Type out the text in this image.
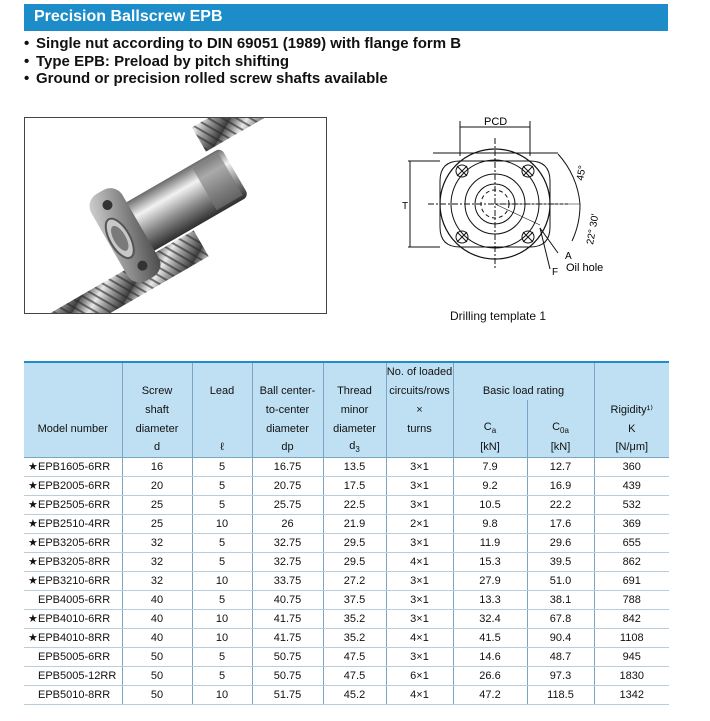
Precision Ballscrew EPB
• Single nut according to DIN 69051 (1989) with flange form B
• Type EPB: Preload by pitch shifting
• Ground or precision rolled screw shafts available
PCD
T
45°
22° 30'
A
F Oil hole
Drilling template 1
					No. of loaded			
	Screw	Lead	Ball center-	Thread	circuits/rows	Basic load rating		
	shaft		to-center	minor	×			Rigidity¹⁾
Model number	diameter		diameter	diameter	turns	$C_a$	$C_{0a}$	K
	d	ℓ	dp	$d_3$		[kN]	[kN]	[N/μm]
★EPB1605-6RR	16	5	16.75	13.5	3×1	7.9	12.7	360
★EPB2005-6RR	20	5	20.75	17.5	3×1	9.2	16.9	439
★EPB2505-6RR	25	5	25.75	22.5	3×1	10.5	22.2	532
★EPB2510-4RR	25	10	26	21.9	2×1	9.8	17.6	369
★EPB3205-6RR	32	5	32.75	29.5	3×1	11.9	29.6	655
★EPB3205-8RR	32	5	32.75	29.5	4×1	15.3	39.5	862
★EPB3210-6RR	32	10	33.75	27.2	3×1	27.9	51.0	691
EPB4005-6RR	40	5	40.75	37.5	3×1	13.3	38.1	788
★EPB4010-6RR	40	10	41.75	35.2	3×1	32.4	67.8	842
★EPB4010-8RR	40	10	41.75	35.2	4×1	41.5	90.4	1108
EPB5005-6RR	50	5	50.75	47.5	3×1	14.6	48.7	945
EPB5005-12RR	50	5	50.75	47.5	6×1	26.6	97.3	1830
EPB5010-8RR	50	10	51.75	45.2	4×1	47.2	118.5	1342
